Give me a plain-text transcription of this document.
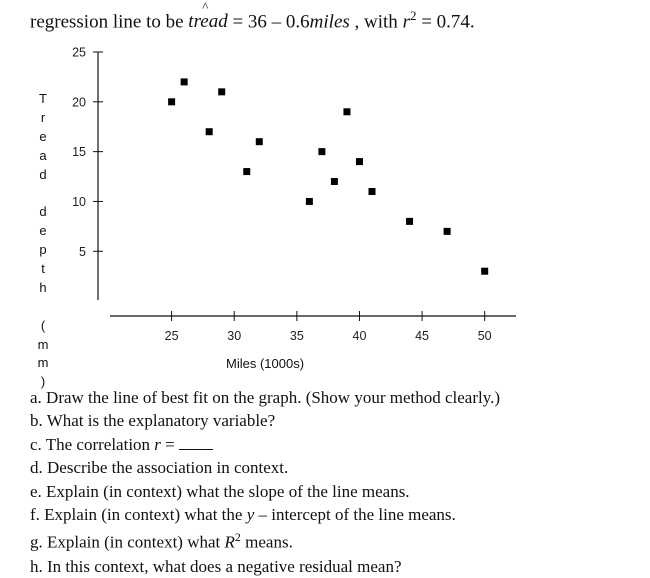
regression line to be
^
tread = 36 – 0.6miles , with $r^2 = 0.74$.
T
r
e
a
d

d
e
p
t
h

(
m
m
)
5
10
15
20
25
25	30	35	40	45	50
Miles (1000s)
a. Draw the line of best fit on the graph. (Show your method clearly.)
b. What is the explanatory variable?
c. The correlation r =
d. Describe the association in context.
e. Explain (in context) what the slope of the line means.
f. Explain (in context) what the y – intercept of the line means.
g. Explain (in context) what $R^2$ means.
h. In this context, what does a negative residual mean?
